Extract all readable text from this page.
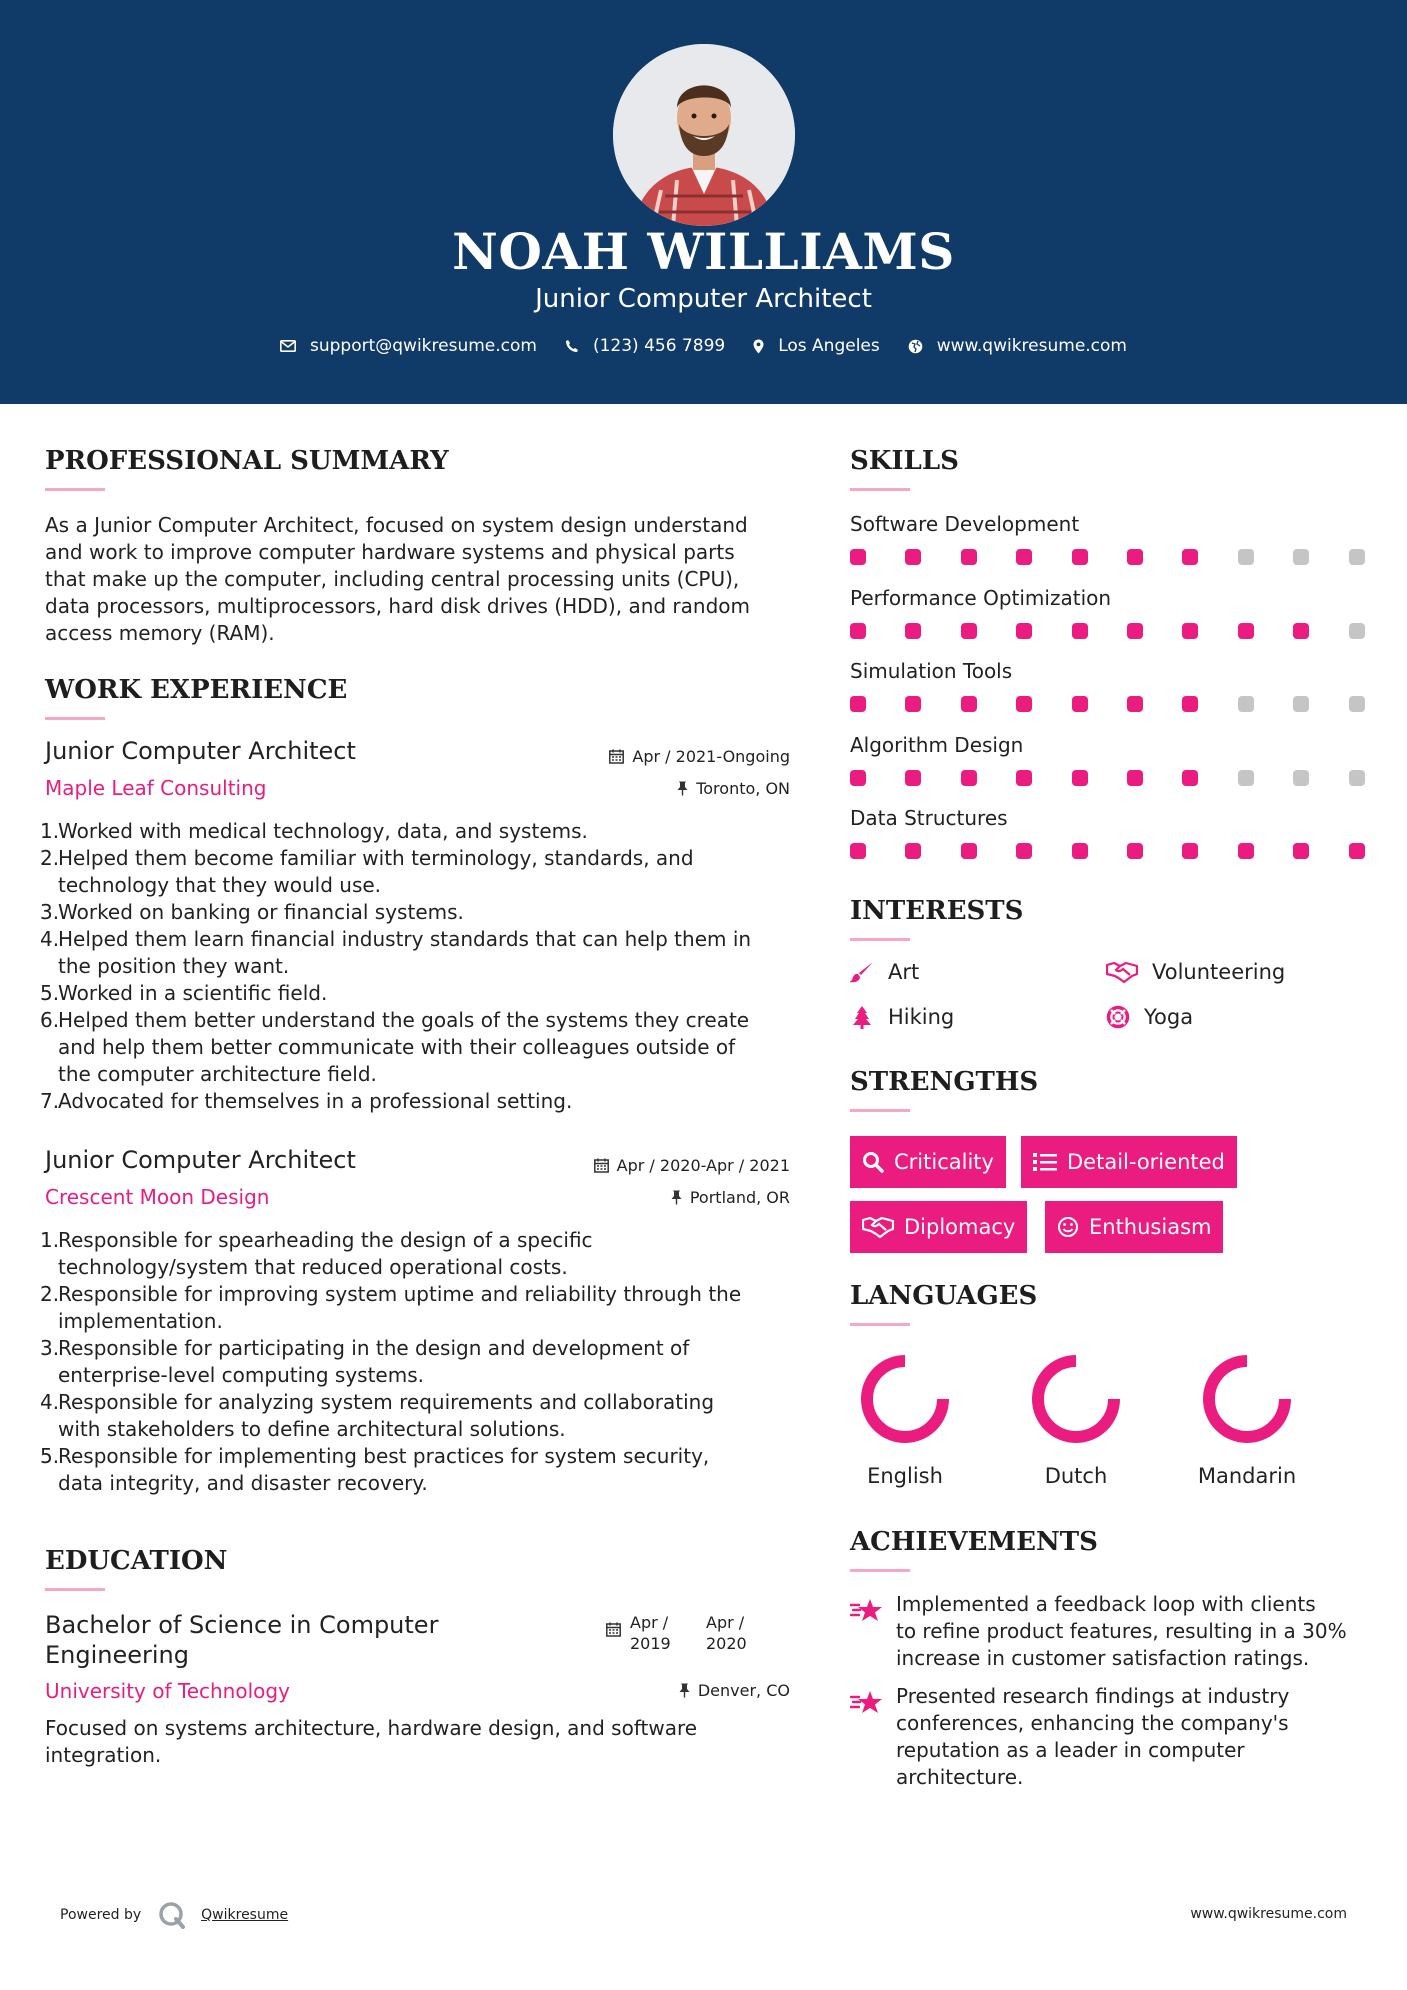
NOAH WILLIAMS
Junior Computer Architect
support@qwikresume.com	(123) 456 7899	Los Angeles	www.qwikresume.com
PROFESSIONAL SUMMARY
As a Junior Computer Architect, focused on system design understand
and work to improve computer hardware systems and physical parts
that make up the computer, including central processing units (CPU),
data processors, multiprocessors, hard disk drives (HDD), and random
access memory (RAM).
WORK EXPERIENCE
Junior Computer Architect
Maple Leaf Consulting
Apr / 2021-Ongoing
Toronto, ON
1.
Worked with medical technology, data, and systems.
2.
Helped them become familiar with terminology, standards, and
technology that they would use.
3.
Worked on banking or financial systems.
4.
Helped them learn financial industry standards that can help them in
the position they want.
5.
Worked in a scientific field.
6.
Helped them better understand the goals of the systems they create
and help them better communicate with their colleagues outside of
the computer architecture field.
7.
Advocated for themselves in a professional setting.
Junior Computer Architect
Crescent Moon Design
Apr / 2020-Apr / 2021
Portland, OR
1.
Responsible for spearheading the design of a specific
technology/system that reduced operational costs.
2.
Responsible for improving system uptime and reliability through the
implementation.
3.
Responsible for participating in the design and development of
enterprise-level computing systems.
4.
Responsible for analyzing system requirements and collaborating
with stakeholders to define architectural solutions.
5.
Responsible for implementing best practices for system security,
data integrity, and disaster recovery.
EDUCATION
Bachelor of Science in Computer
Engineering
University of Technology
Apr /
2019
Apr /
2020
Denver, CO
Focused on systems architecture, hardware design, and software
integration.
SKILLS
Software Development
Performance Optimization
Simulation Tools
Algorithm Design
Data Structures
INTERESTS
Art	Volunteering
Hiking	Yoga
STRENGTHS
Criticality	Detail-oriented
Diplomacy	Enthusiasm
LANGUAGES
English	Dutch	Mandarin
ACHIEVEMENTS
Implemented a feedback loop with clients
to refine product features, resulting in a 30%
increase in customer satisfaction ratings.
Presented research findings at industry
conferences, enhancing the company's
reputation as a leader in computer
architecture.
Powered by	Qwikresume	www.qwikresume.com
